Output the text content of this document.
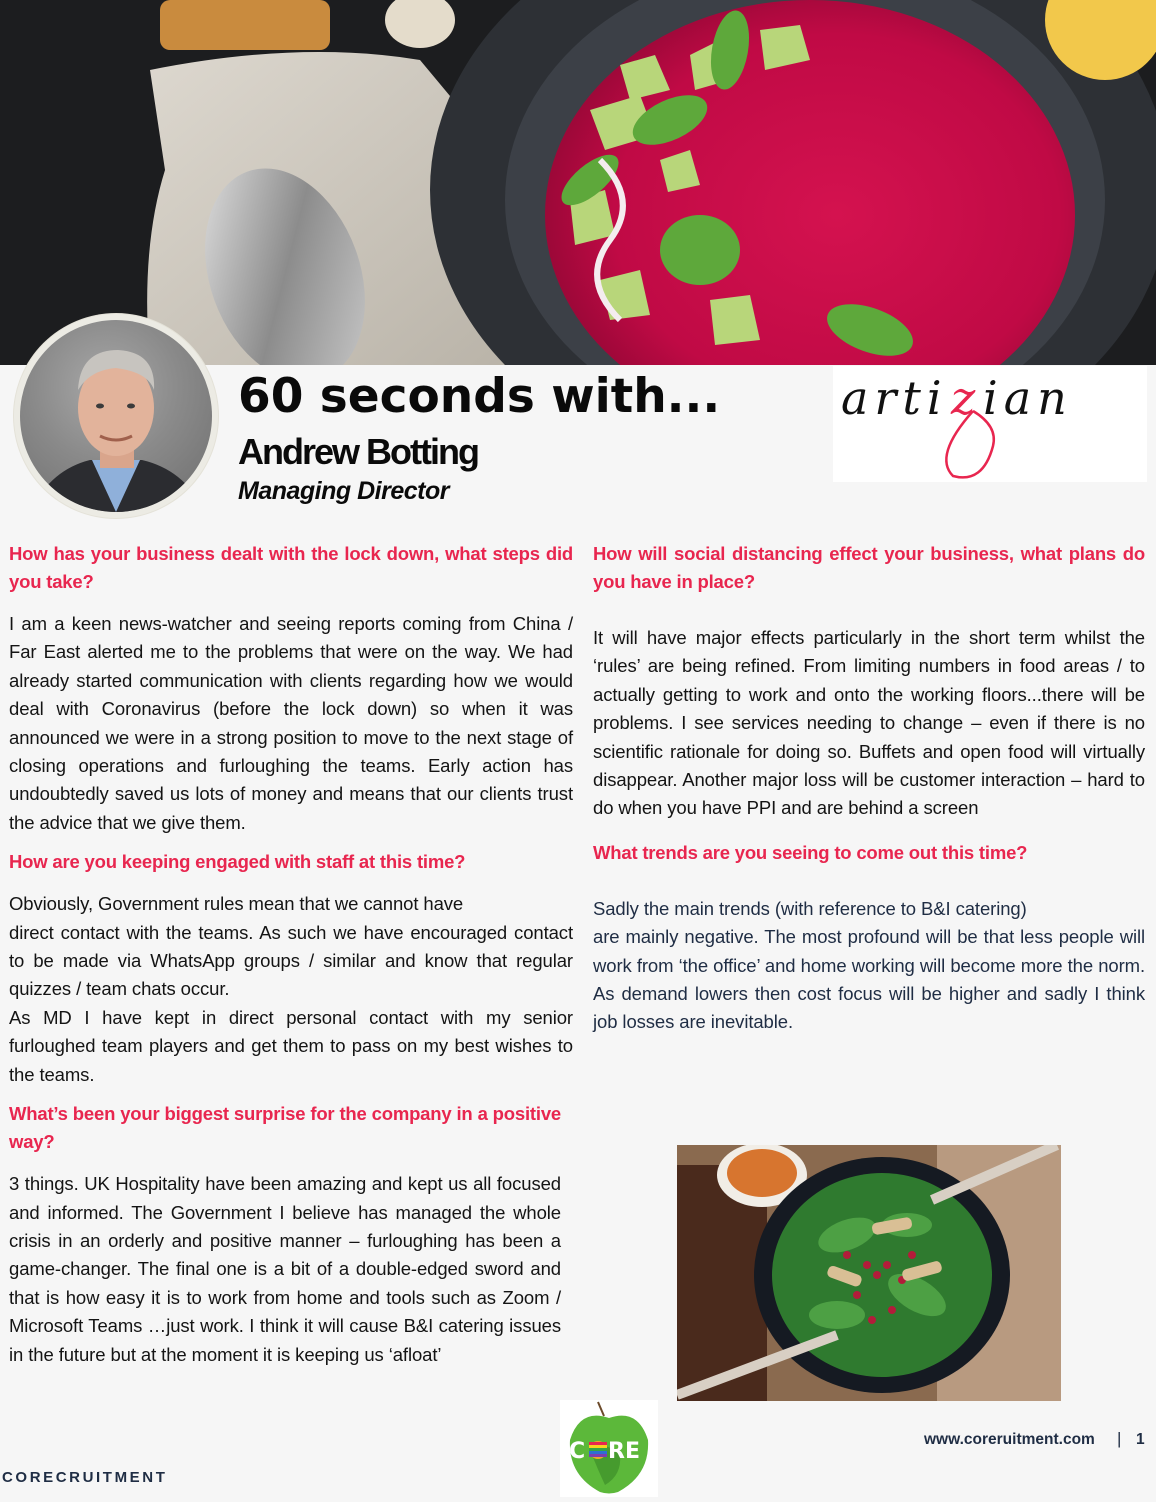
60 seconds with...
Andrew Botting
Managing Director
arti z ian
How has your business dealt with the lock down, what steps did you take?

I am a keen news-watcher and seeing reports coming from China / Far East alerted me to the problems that were on the way. We had already started communication with clients regarding how we would deal with Coronavirus (before the lock down) so when it was announced we were in a strong position to move to the next stage of closing operations and furloughing the teams. Early action has undoubtedly saved us lots of money and means that our clients trust the advice that we give them.

How are you keeping engaged with staff at this time?

Obviously, Government rules mean that we cannot have

direct contact with the teams. As such we have encouraged contact to be made via WhatsApp groups / similar and know that regular quizzes / team chats occur.

As MD I have kept in direct personal contact with my senior furloughed team players and get them to pass on my best wishes to the teams.

What’s been your biggest surprise for the company in a positive way?

3 things. UK Hospitality have been amazing and kept us all focused and informed. The Government I believe has managed the whole crisis in an orderly and positive manner – furloughing has been a game-changer. The final one is a bit of a double-edged sword and that is how easy it is to work from home and tools such as Zoom / Microsoft Teams …just work. I think it will cause B&I catering issues in the future but at the moment it is keeping us ‘afloat’

How will social distancing effect your business, what plans do you have in place?

It will have major effects particularly in the short term whilst the ‘rules’ are being refined. From limiting numbers in food areas / to actually getting to work and onto the working floors...there will be problems. I see services needing to change – even if there is no scientific rationale for doing so. Buffets and open food will virtually disappear. Another major loss will be customer interaction – hard to do when you have PPI and are behind a screen

What trends are you seeing to come out this time?

Sadly the main trends (with reference to B&I catering)

are mainly negative. The most profound will be that less people will work from ‘the office’ and home working will become more the norm. As demand lowers then cost focus will be higher and sadly I think job losses are inevitable.

CORECRUITMENT
C RE	www.coreruitment.com | 1
